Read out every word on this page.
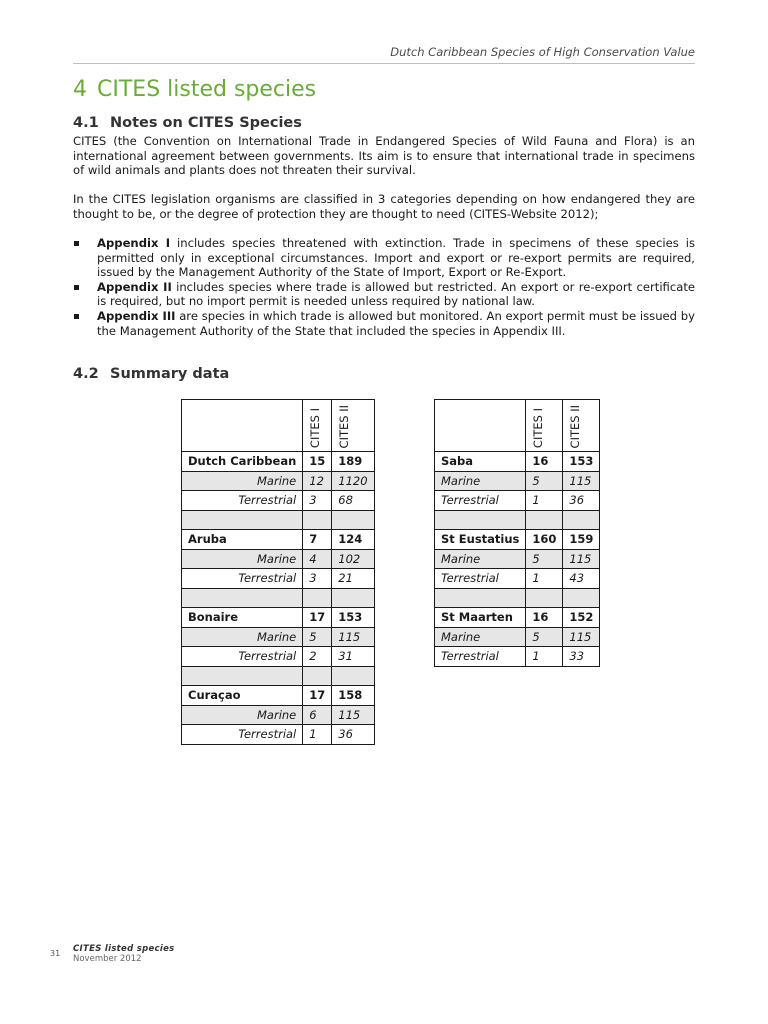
Dutch Caribbean Species of High Conservation Value
4 CITES listed species
4.1 Notes on CITES Species

CITES (the Convention on International Trade in Endangered Species of Wild Fauna and Flora) is an international agreement between governments. Its aim is to ensure that international trade in specimens of wild animals and plants does not threaten their survival.

In the CITES legislation organisms are classified in 3 categories depending on how endangered they are thought to be, or the degree of protection they are thought to need (CITES-Website 2012);

Appendix I includes species threatened with extinction. Trade in specimens of these species is permitted only in exceptional circumstances. Import and export or re-export permits are required, issued by the Management Authority of the State of Import, Export or Re-Export.
Appendix II includes species where trade is allowed but restricted. An export or re-export certificate is required, but no import permit is needed unless required by national law.
Appendix III are species in which trade is allowed but monitored. An export permit must be issued by the Management Authority of the State that included the species in Appendix III.
4.2 Summary data
	CITES I	CITES II
Dutch Caribbean	15	189
Marine	12	1120
Terrestrial	3	68

Aruba	7	124
Marine	4	102
Terrestrial	3	21

Bonaire	17	153
Marine	5	115
Terrestrial	2	31

Curaçao	17	158
Marine	6	115
Terrestrial	1	36
	CITES I	CITES II
Saba	16	153
Marine	5	115
Terrestrial	1	36

St Eustatius	160	159
Marine	5	115
Terrestrial	1	43

St Maarten	16	152
Marine	5	115
Terrestrial	1	33
31 CITES listed species
November 2012
